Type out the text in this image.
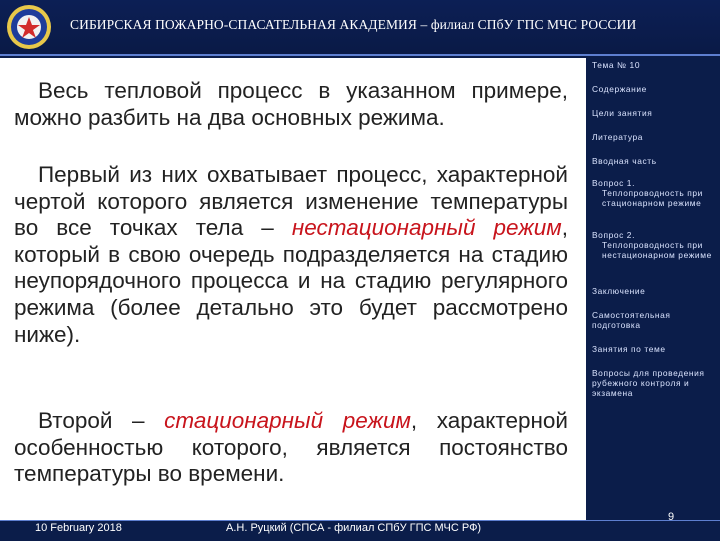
СИБИРСКАЯ ПОЖАРНО-СПАСАТЕЛЬНАЯ АКАДЕМИЯ – филиал СПбУ ГПС МЧС РОССИИ
Весь тепловой процесс в указанном примере, можно разбить на два основных режима.
Первый из них охватывает процесс, характерной чертой которого является изменение температуры во все точках тела – нестационарный режим, который в свою очередь подразделяется на стадию неупорядочного процесса и на стадию регулярного режима (более детально это будет рассмотрено ниже).
Второй – стационарный режим, характерной особенностью которого, является постоянство температуры во времени.
Тема № 10
Содержание
Цели занятия
Литература
Вводная часть
Вопрос 1.
Теплопроводность при стационарном режиме
Вопрос 2.
Теплопроводность при нестационарном режиме
Заключение
Самостоятельная подготовка
Занятия по теме
Вопросы для проведения рубежного контроля и экзамена
10 February 2018	А.Н. Руцкий (СПСА - филиал СПбУ ГПС МЧС РФ)
9
